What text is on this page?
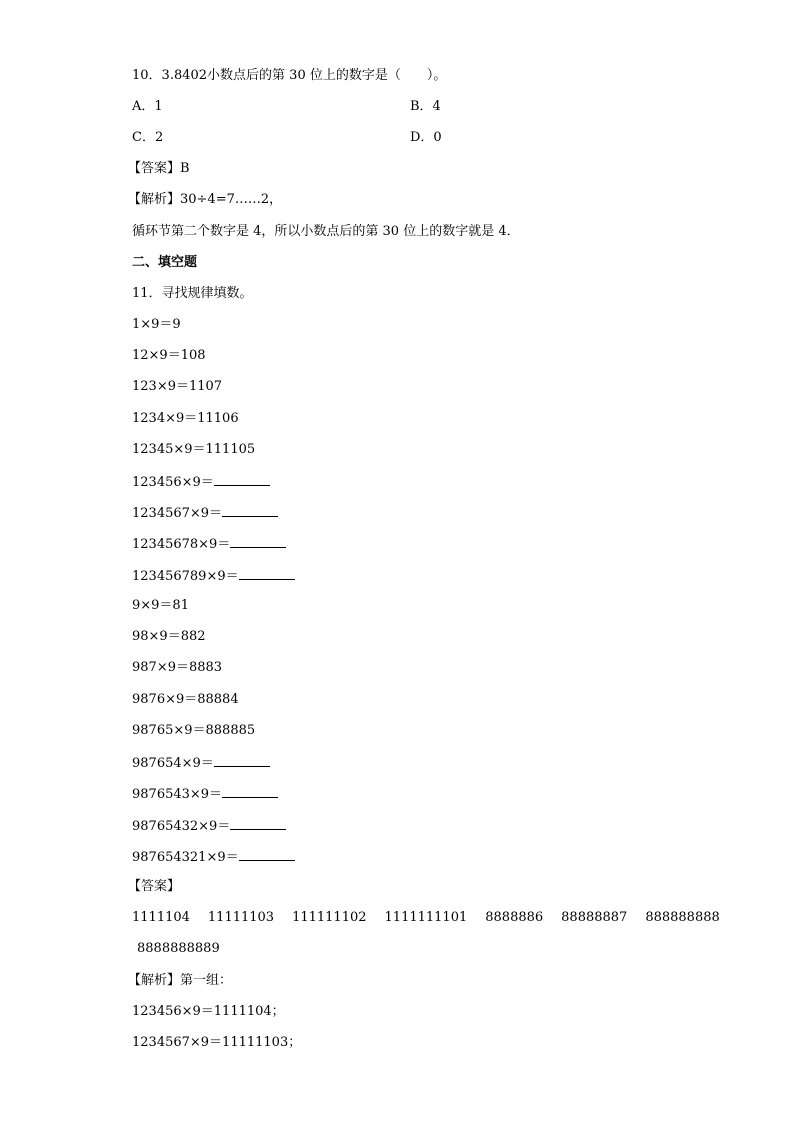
10．3.8402小数点后的第 30 位上的数字是（　　）。
A．1	B．4
C．2	D．0
【答案】B
【解析】30÷4=7……2，
循环节第二个数字是 4，所以小数点后的第 30 位上的数字就是 4．
二、填空题
11．寻找规律填数。
1×9＝9
12×9＝108
123×9＝1107
1234×9＝11106
12345×9＝111105
123456×9＝
1234567×9＝
12345678×9＝
123456789×9＝
9×9＝81
98×9＝882
987×9＝8883
9876×9＝88884
98765×9＝888885
987654×9＝
9876543×9＝
98765432×9＝
987654321×9＝
【答案】
1111104 11111103 111111102 1111111101 8888886 88888887 888888888
8888888889
【解析】第一组：
123456×9＝1111104；
1234567×9＝11111103；
